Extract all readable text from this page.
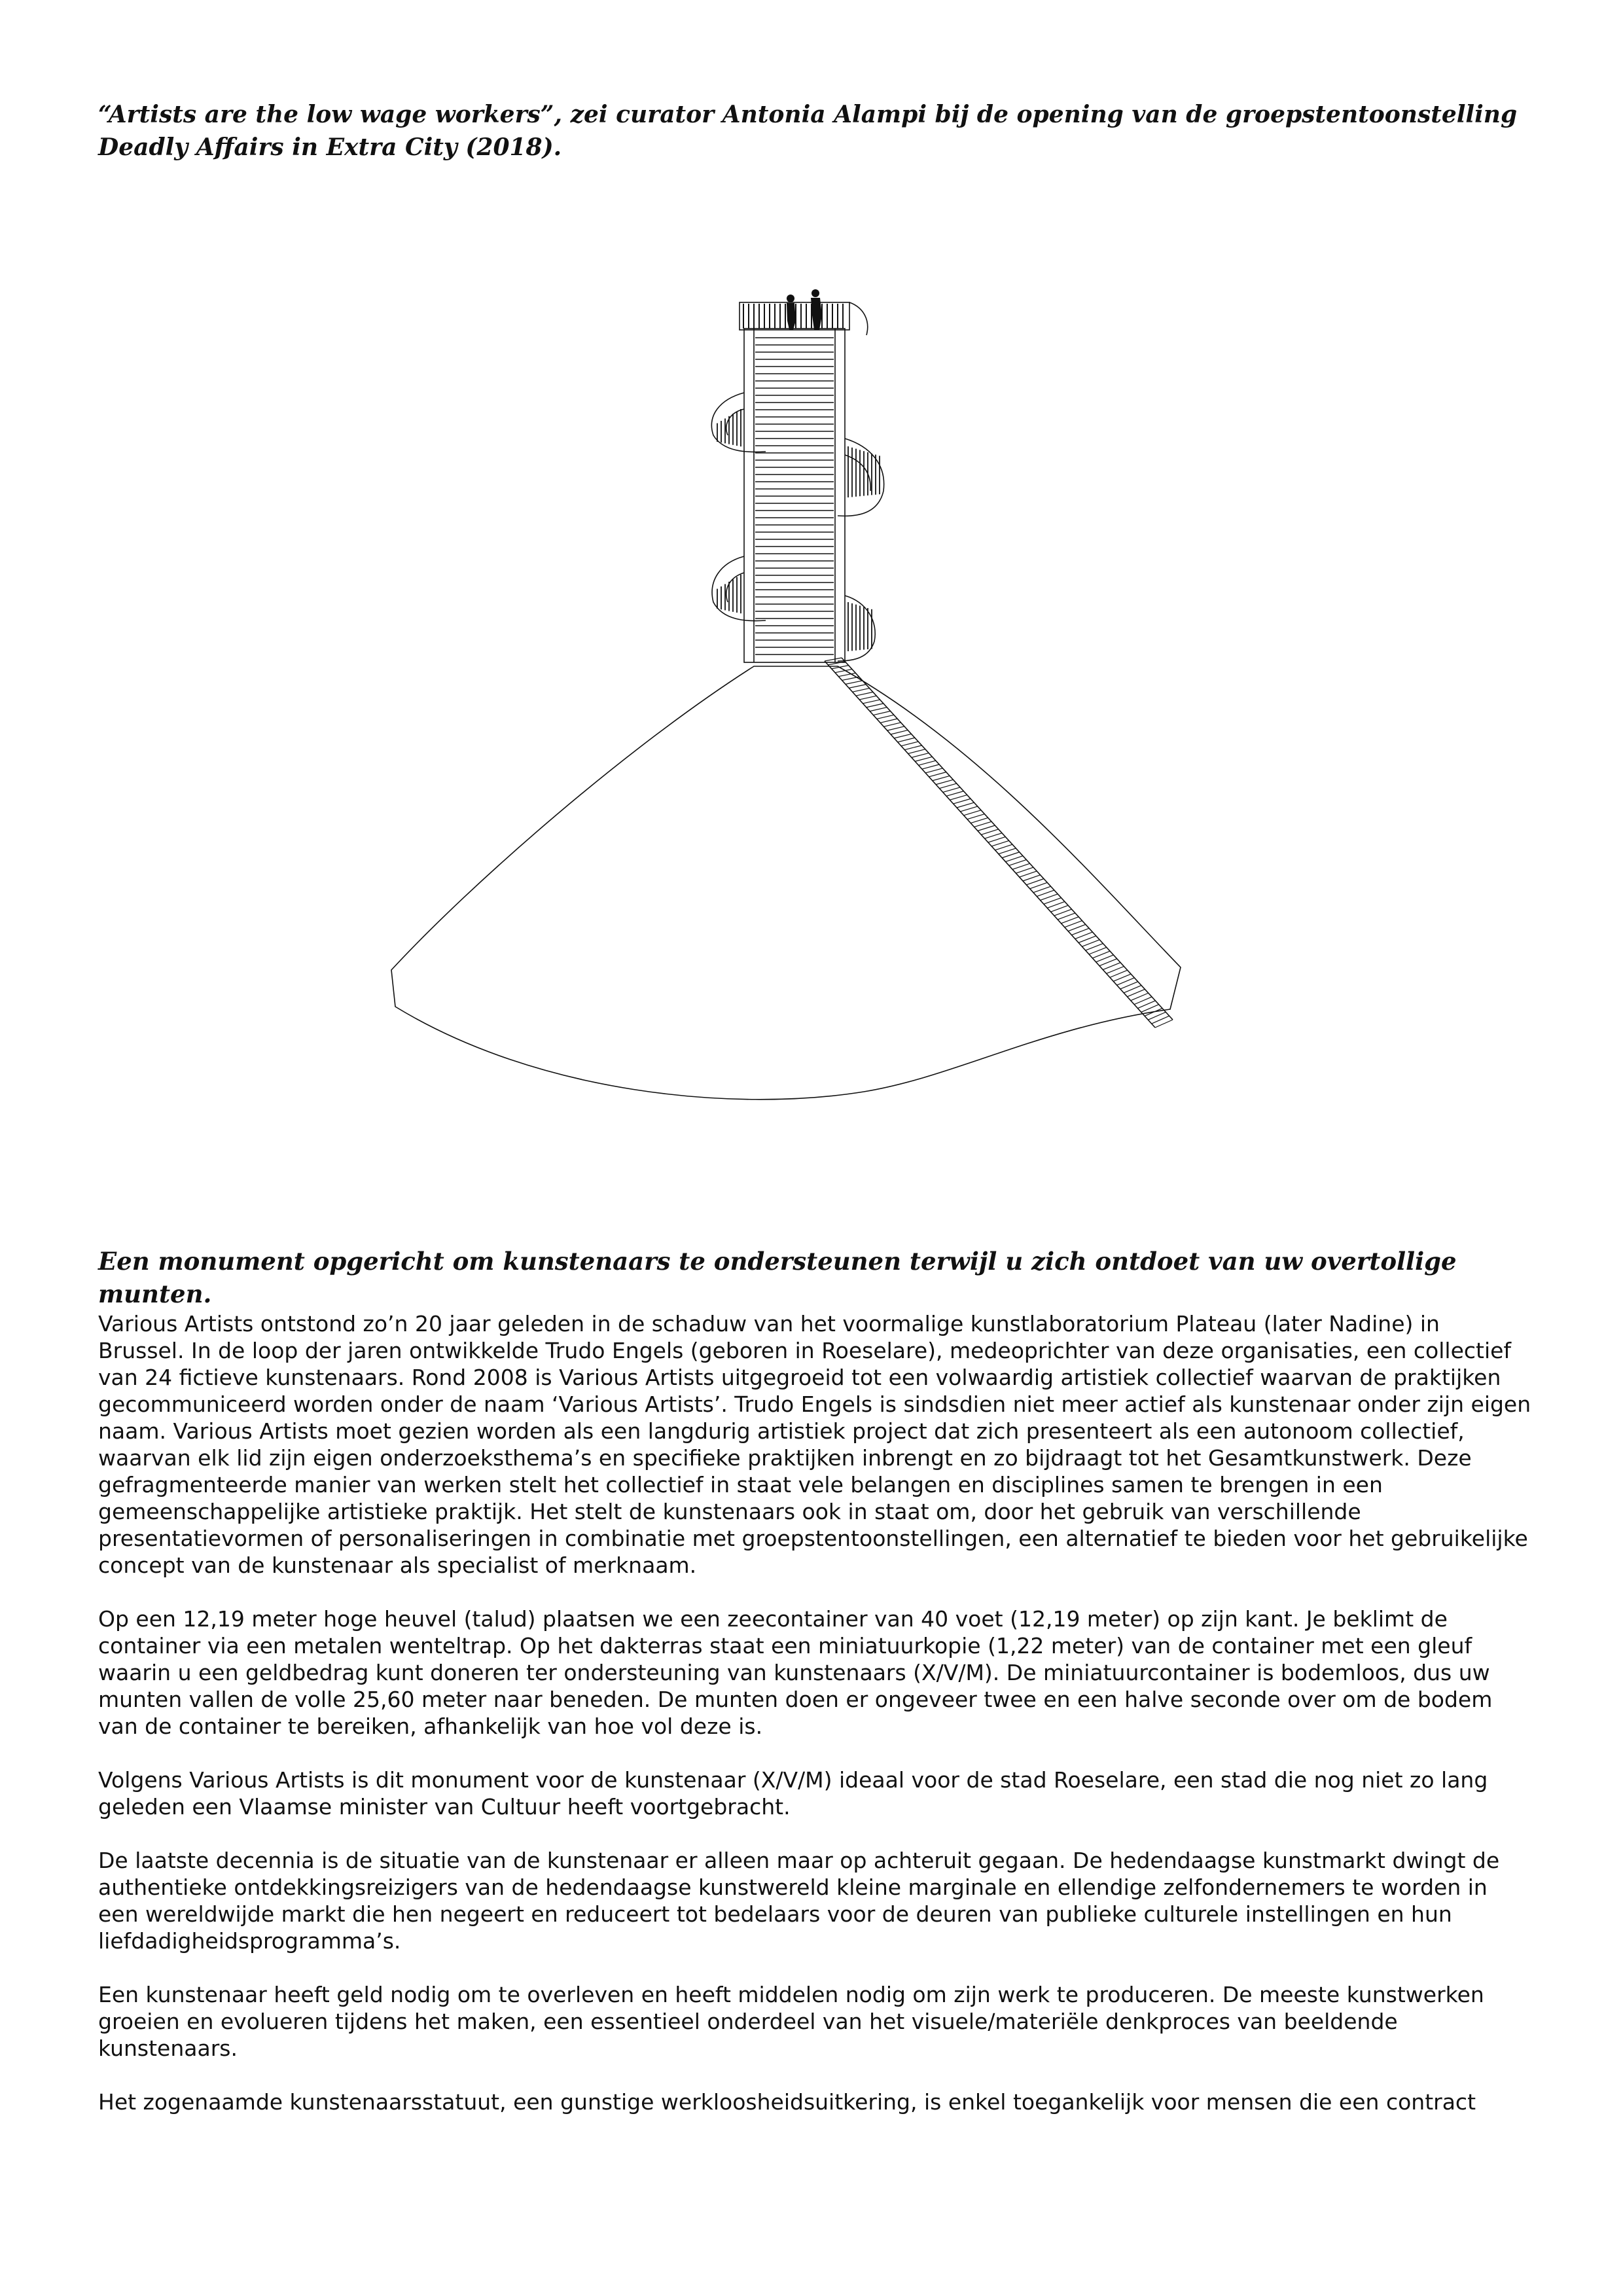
“Artists are the low wage workers”, zei curator Antonia Alampi bij de opening van de groepstentoonstelling Deadly Affairs in Extra City (2018).
Een monument opgericht om kunstenaars te ondersteunen terwijl u zich ontdoet van uw overtollige munten.

Various Artists ontstond zo’n 20 jaar geleden in de schaduw van het voormalige kunstlaboratorium Plateau (later Nadine) in Brussel. In de loop der jaren ontwikkelde Trudo Engels (geboren in Roeselare), medeoprichter van deze organisaties, een collectief van 24 fictieve kunstenaars. Rond 2008 is Various Artists uitgegroeid tot een volwaardig artistiek collectief waarvan de praktijken gecommuniceerd worden onder de naam ‘Various Artists’. Trudo Engels is sindsdien niet meer actief als kunstenaar onder zijn eigen naam. Various Artists moet gezien worden als een langdurig artistiek project dat zich presenteert als een autonoom collectief, waarvan elk lid zijn eigen onderzoeksthema’s en specifieke praktijken inbrengt en zo bijdraagt tot het Gesamtkunstwerk. Deze gefragmenteerde manier van werken stelt het collectief in staat vele belangen en disciplines samen te brengen in een gemeenschappelijke artistieke praktijk. Het stelt de kunstenaars ook in staat om, door het gebruik van verschillende presentatievormen of personaliseringen in combinatie met groepstentoonstellingen, een alternatief te bieden voor het gebruikelijke concept van de kunstenaar als specialist of merknaam.

Op een 12,19 meter hoge heuvel (talud) plaatsen we een zeecontainer van 40 voet (12,19 meter) op zijn kant. Je beklimt de container via een metalen wenteltrap. Op het dakterras staat een miniatuurkopie (1,22 meter) van de container met een gleuf waarin u een geldbedrag kunt doneren ter ondersteuning van kunstenaars (X/V/M). De miniatuurcontainer is bodemloos, dus uw munten vallen de volle 25,60 meter naar beneden. De munten doen er ongeveer twee en een halve seconde over om de bodem van de container te bereiken, afhankelijk van hoe vol deze is.

Volgens Various Artists is dit monument voor de kunstenaar (X/V/M) ideaal voor de stad Roeselare, een stad die nog niet zo lang geleden een Vlaamse minister van Cultuur heeft voortgebracht.

De laatste decennia is de situatie van de kunstenaar er alleen maar op achteruit gegaan. De hedendaagse kunstmarkt dwingt de authentieke ontdekkingsreizigers van de hedendaagse kunstwereld kleine marginale en ellendige zelfondernemers te worden in een wereldwijde markt die hen negeert en reduceert tot bedelaars voor de deuren van publieke culturele instellingen en hun liefdadigheidsprogramma’s.

Een kunstenaar heeft geld nodig om te overleven en heeft middelen nodig om zijn werk te produceren. De meeste kunstwerken groeien en evolueren tijdens het maken, een essentieel onderdeel van het visuele/materiële denkproces van beeldende kunstenaars.

Het zogenaamde kunstenaarsstatuut, een gunstige werkloosheidsuitkering, is enkel toegankelijk voor mensen die een contract
